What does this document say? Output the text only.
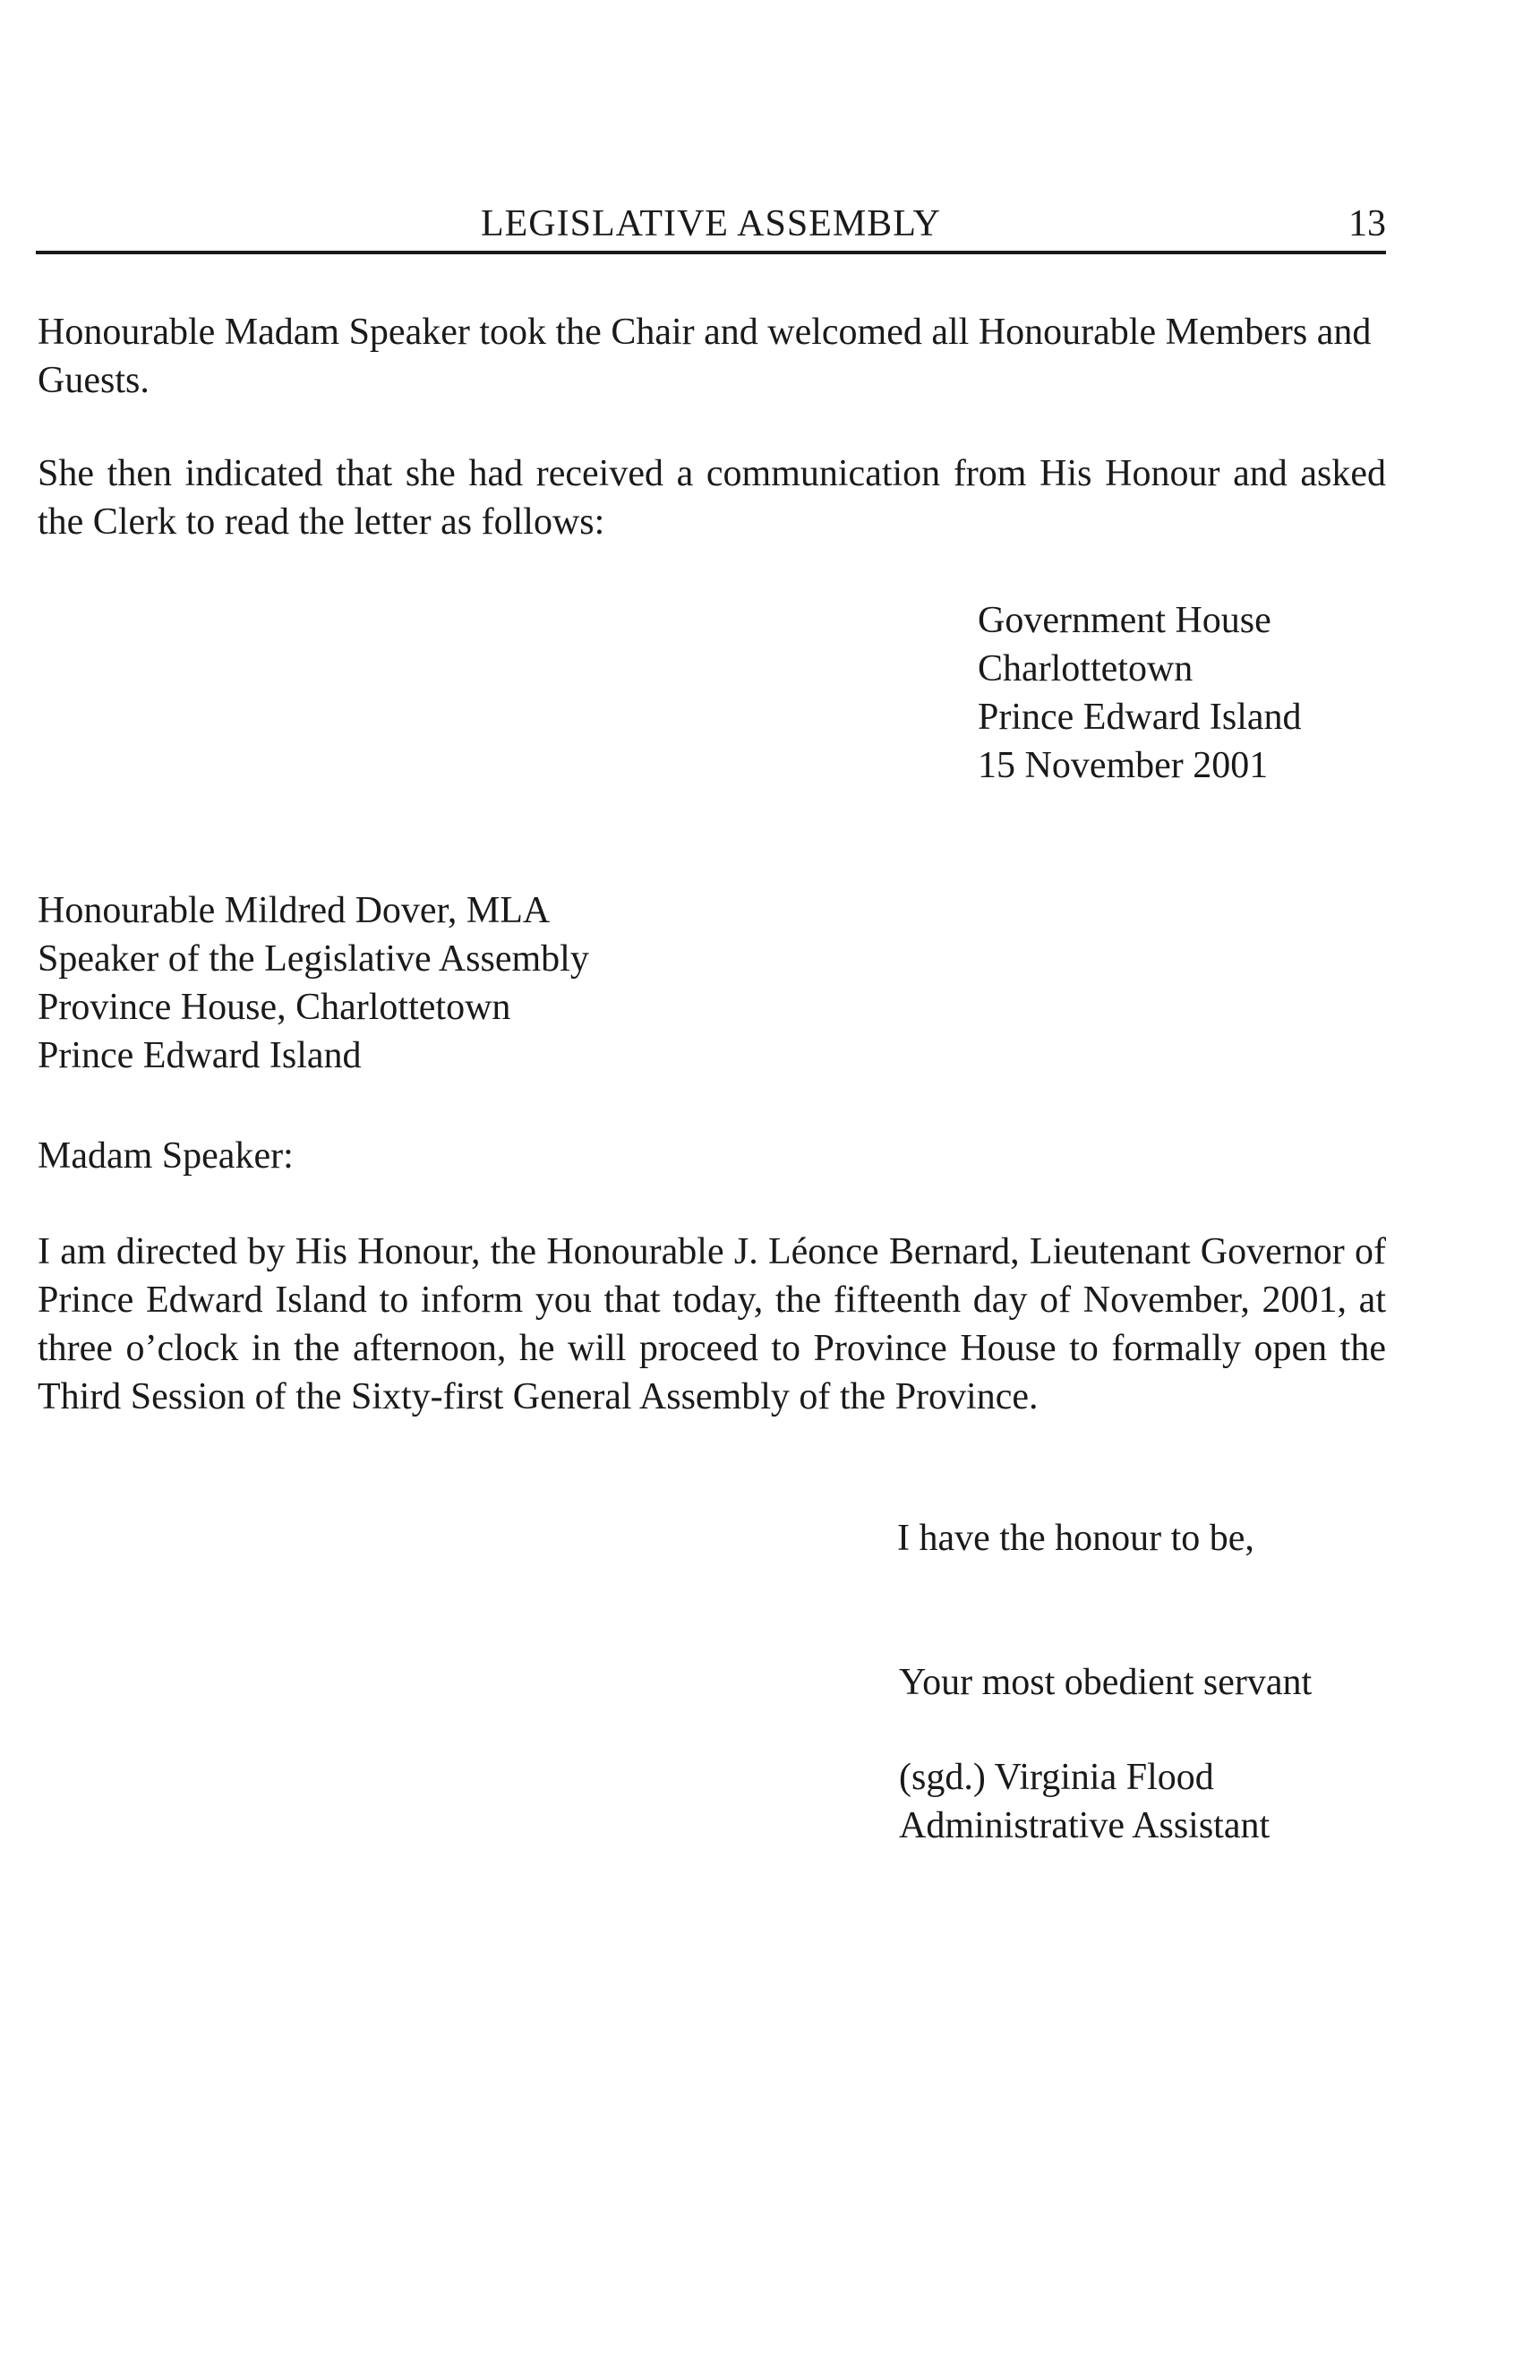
LEGISLATIVE ASSEMBLY	13

Honourable Madam Speaker took the Chair and welcomed all Honourable Members and Guests.

She then indicated that she had received a communication from His Honour and asked the Clerk to read the letter as follows:

Government House
Charlottetown
Prince Edward Island
15 November 2001
Honourable Mildred Dover, MLA
Speaker of the Legislative Assembly
Province House, Charlottetown
Prince Edward Island
Madam Speaker:

I am directed by His Honour, the Honourable J. Léonce Bernard, Lieutenant Governor of Prince Edward Island to inform you that today, the fifteenth day of November, 2001, at three o’clock in the afternoon, he will proceed to Province House to formally open the Third Session of the Sixty-first General Assembly of the Province.

I have the honour to be,
Your most obedient servant
(sgd.) Virginia Flood
Administrative Assistant
